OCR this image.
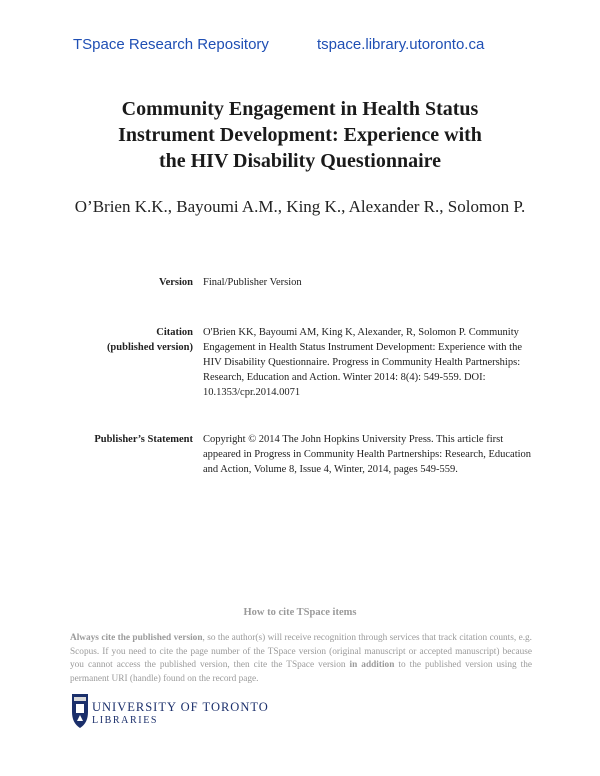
TSpace Research Repository	tspace.library.utoronto.ca
Community Engagement in Health Status
Instrument Development: Experience with
the HIV Disability Questionnaire
O’Brien K.K., Bayoumi A.M., King K., Alexander R., Solomon P.
Version Final/Publisher Version
Citation
(published version)
O'Brien KK, Bayoumi AM, King K, Alexander, R, Solomon P. Community Engagement in Health Status Instrument Development: Experience with the HIV Disability Questionnaire. Progress in Community Health Partnerships: Research, Education and Action. Winter 2014: 8(4): 549-559. DOI: 10.1353/cpr.2014.0071
Publisher’s Statement Copyright © 2014 The John Hopkins University Press. This article first appeared in Progress in Community Health Partnerships: Research, Education and Action, Volume 8, Issue 4, Winter, 2014, pages 549-559.
How to cite TSpace items
Always cite the published version, so the author(s) will receive recognition through services that track citation counts, e.g. Scopus. If you need to cite the page number of the TSpace version (original manuscript or accepted manuscript) because you cannot access the published version, then cite the TSpace version in addition to the published version using the permanent URI (handle) found on the record page.
UNIVERSITY OF TORONTO
LIBRARIES
